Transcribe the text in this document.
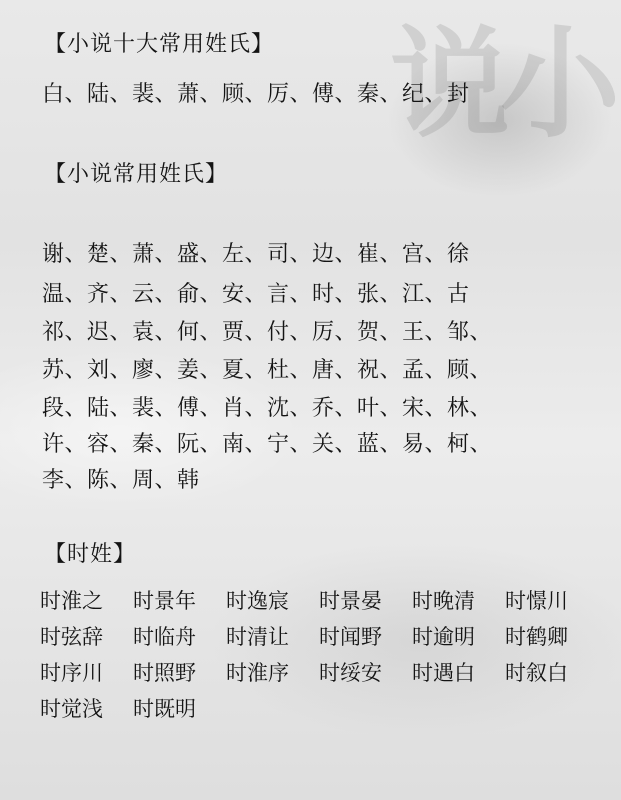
小说
【小说十大常用姓氏】
白、陆、裴、萧、顾、厉、傅、秦、纪、封
【小说常用姓氏】
谢、楚、萧、盛、左、司、边、崔、宫、徐
温、齐、云、俞、安、言、时、张、江、古
祁、迟、袁、何、贾、付、厉、贺、王、邹、
苏、刘、廖、姜、夏、杜、唐、祝、孟、顾、
段、陆、裴、傅、肖、沈、乔、叶、宋、林、
许、容、秦、阮、南、宁、关、蓝、易、柯、
李、陈、周、韩
【时姓】
时淮之	时景年	时逸宸	时景晏	时晚清	时憬川
时弦辞	时临舟	时清让	时闻野	时逾明	时鹤卿
时序川	时照野	时淮序	时绥安	时遇白	时叙白
时觉浅	时既明
